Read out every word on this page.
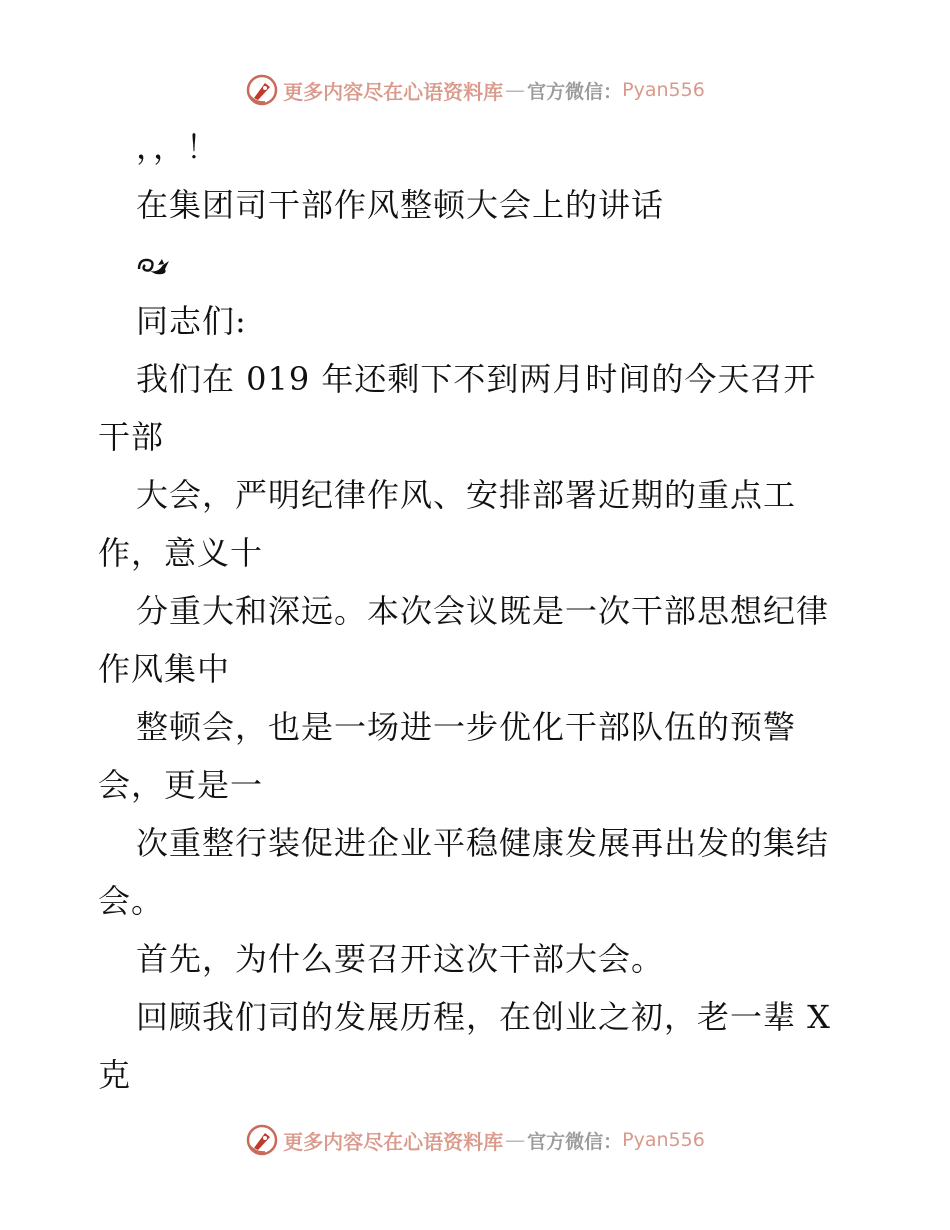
更多内容尽在心语资料库 — 官方微信： Pyan556
，，！
在集团司干部作风整顿大会上的讲话
同志们:
我们在 019 年还剩下不到两月时间的今天召开
干部
大会，严明纪律作风、安排部署近期的重点工
作，意义十
分重大和深远。本次会议既是一次干部思想纪律
作风集中
整顿会，也是一场进一步优化干部队伍的预警
会，更是一
次重整行装促进企业平稳健康发展再出发的集结
会。
首先，为什么要召开这次干部大会。
回顾我们司的发展历程，在创业之初，老一辈 X
克
更多内容尽在心语资料库 — 官方微信： Pyan556
